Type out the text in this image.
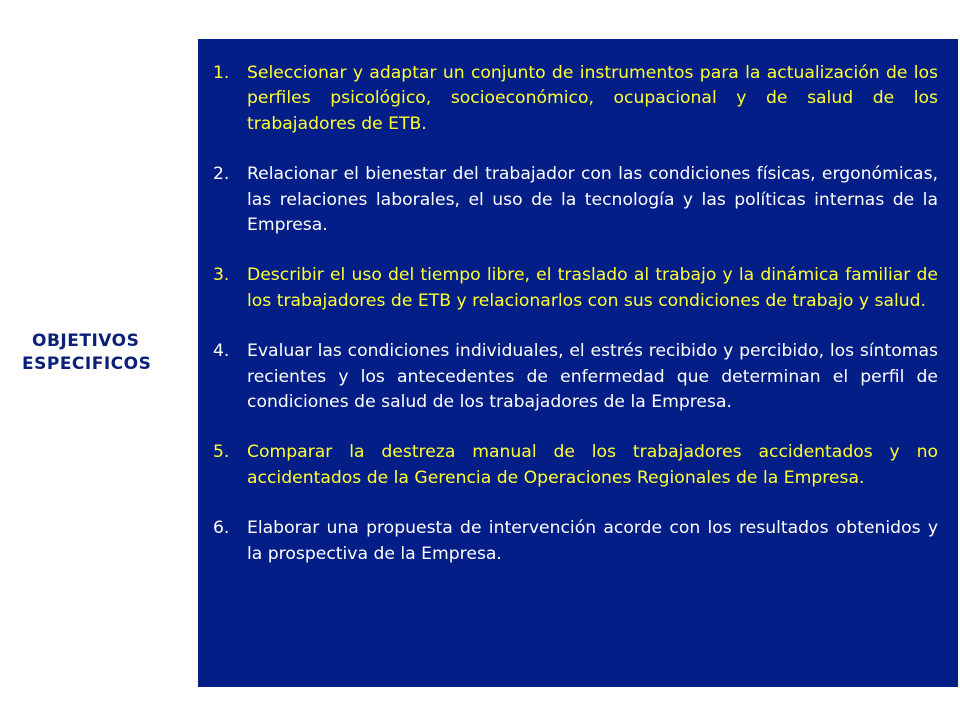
OBJETIVOS
ESPECIFICOS
1.	Seleccionar y adaptar un conjunto de instrumentos para la actualización de los perfiles psicológico, socioeconómico, ocupacional y de salud de los trabajadores de ETB.
2.	Relacionar el bienestar del trabajador con las condiciones físicas, ergonómicas, las relaciones laborales, el uso de la tecnología y las políticas internas de la Empresa.
3.	Describir el uso del tiempo libre, el traslado al trabajo y la dinámica familiar de los trabajadores de ETB y relacionarlos con sus condiciones de trabajo y salud.
4.	Evaluar las condiciones individuales, el estrés recibido y percibido, los síntomas recientes y los antecedentes de enfermedad que determinan el perfil de condiciones de salud de los trabajadores de la Empresa.
5.	Comparar la destreza manual de los trabajadores accidentados y no accidentados de la Gerencia de Operaciones Regionales de la Empresa.
6.	Elaborar una propuesta de intervención acorde con los resultados obtenidos y la prospectiva de la Empresa.
